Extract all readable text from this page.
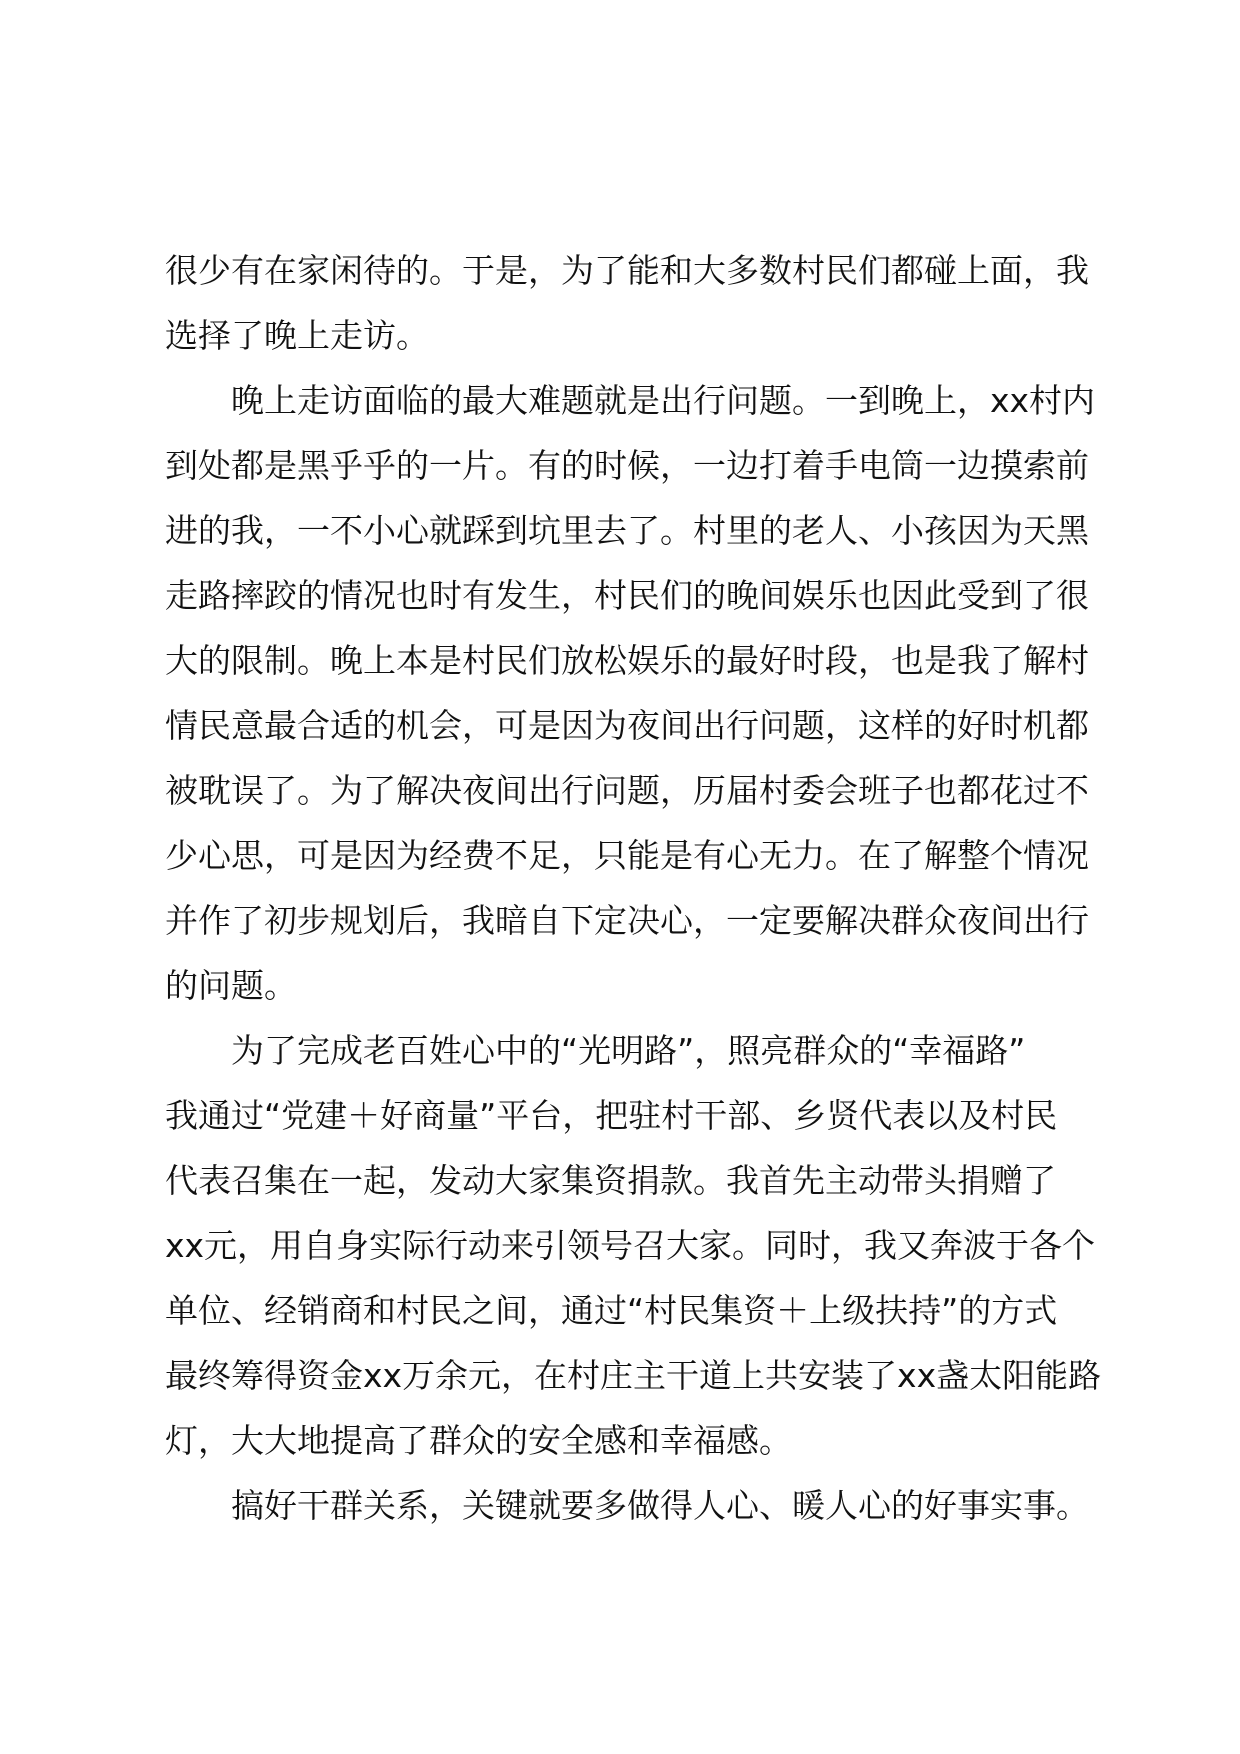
很少有在家闲待的。于是，为了能和大多数村民们都碰上面，我
选择了晚上走访。
晚上走访面临的最大难题就是出行问题。一到晚上，xx村内
到处都是黑乎乎的一片。有的时候，一边打着手电筒一边摸索前
进的我，一不小心就踩到坑里去了。村里的老人、小孩因为天黑
走路摔跤的情况也时有发生，村民们的晚间娱乐也因此受到了很
大的限制。晚上本是村民们放松娱乐的最好时段，也是我了解村
情民意最合适的机会，可是因为夜间出行问题，这样的好时机都
被耽误了。为了解决夜间出行问题，历届村委会班子也都花过不
少心思，可是因为经费不足，只能是有心无力。在了解整个情况
并作了初步规划后，我暗自下定决心，一定要解决群众夜间出行
的问题。
为了完成老百姓心中的“光明路”，照亮群众的“幸福路”
我通过“党建＋好商量”平台，把驻村干部、乡贤代表以及村民
代表召集在一起，发动大家集资捐款。我首先主动带头捐赠了
xx元，用自身实际行动来引领号召大家。同时，我又奔波于各个
单位、经销商和村民之间，通过“村民集资＋上级扶持”的方式
最终筹得资金xx万余元，在村庄主干道上共安装了xx盏太阳能路
灯，大大地提高了群众的安全感和幸福感。
搞好干群关系，关键就要多做得人心、暖人心的好事实事。
